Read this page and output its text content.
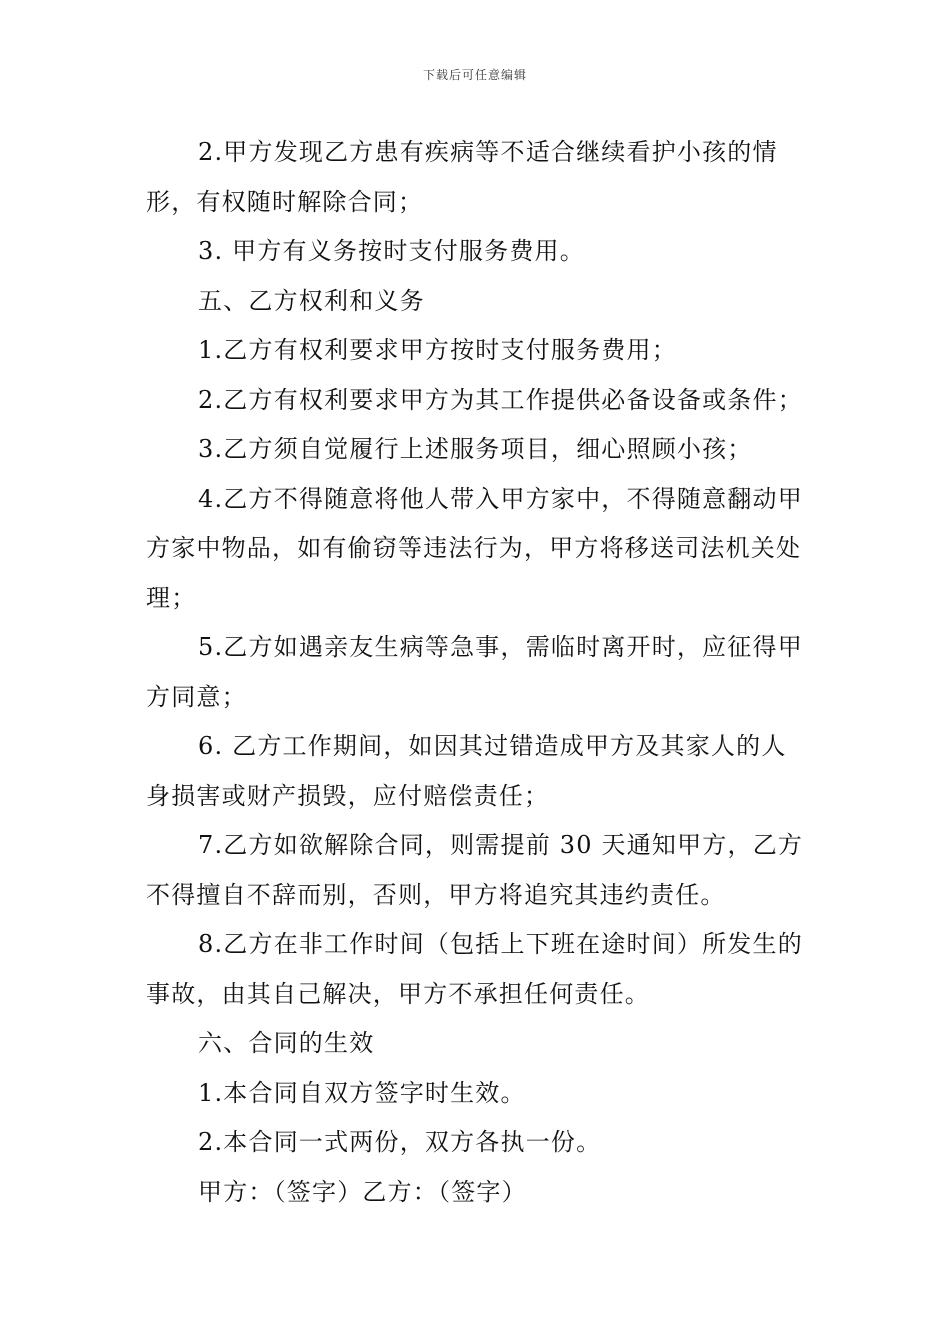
下载后可任意编辑

2.甲方发现乙方患有疾病等不适合继续看护小孩的情形，有权随时解除合同；

3. 甲方有义务按时支付服务费用。

五、乙方权利和义务

1.乙方有权利要求甲方按时支付服务费用；

2.乙方有权利要求甲方为其工作提供必备设备或条件；

3.乙方须自觉履行上述服务项目，细心照顾小孩；

4.乙方不得随意将他人带入甲方家中，不得随意翻动甲方家中物品，如有偷窃等违法行为，甲方将移送司法机关处理；

5.乙方如遇亲友生病等急事，需临时离开时，应征得甲方同意；

6. 乙方工作期间，如因其过错造成甲方及其家人的人身损害或财产损毁，应付赔偿责任；

7.乙方如欲解除合同，则需提前 30 天通知甲方，乙方不得擅自不辞而别，否则，甲方将追究其违约责任。

8.乙方在非工作时间（包括上下班在途时间）所发生的事故，由其自己解决，甲方不承担任何责任。

六、合同的生效

1.本合同自双方签字时生效。

2.本合同一式两份，双方各执一份。

甲方：（签字）乙方：（签字）
